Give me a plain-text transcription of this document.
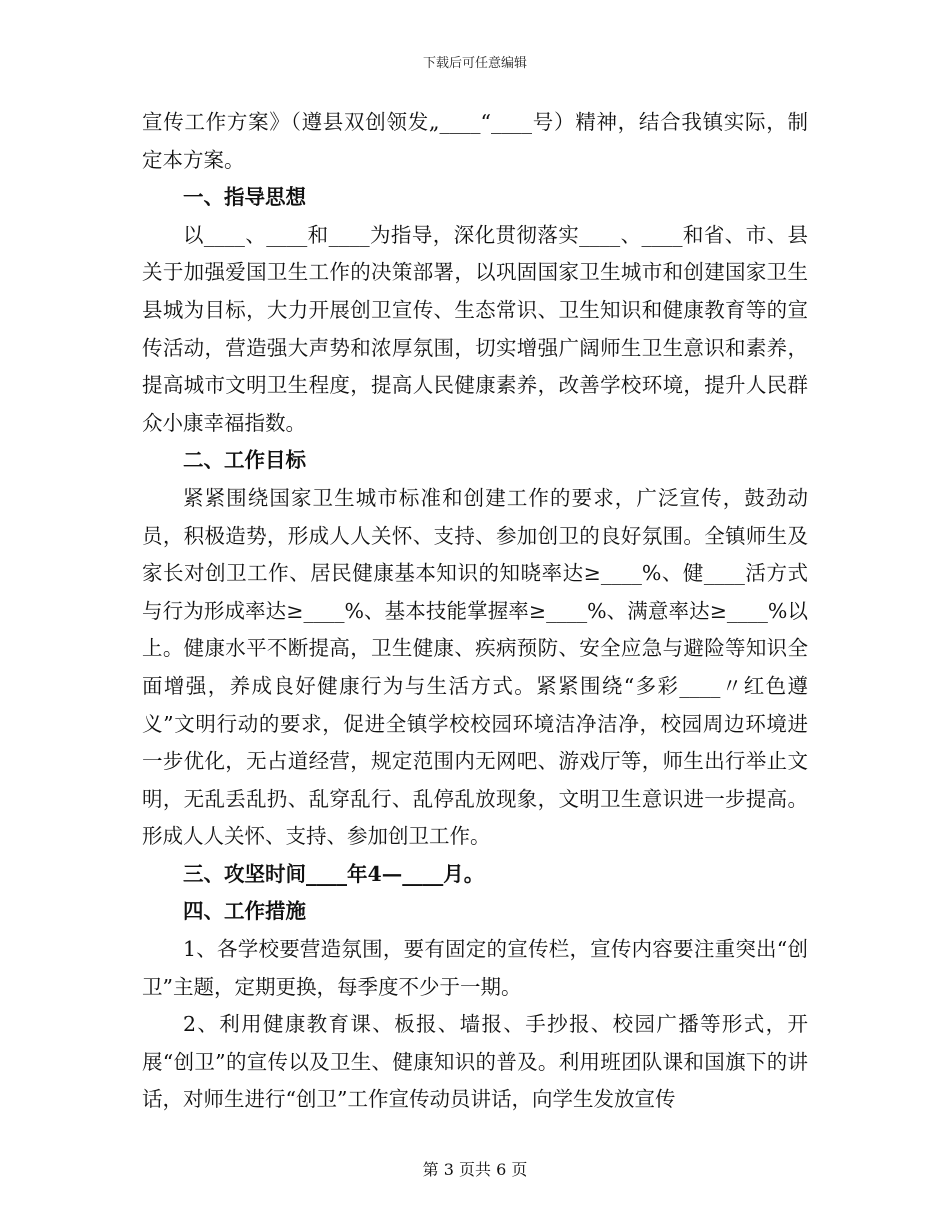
下载后可任意编辑

宣传工作方案》（遵县双创领发„____“____号）精神，结合我镇实际，制定本方案。

一、指导思想

以____、____和____为指导，深化贯彻落实____、____和省、市、县关于加强爱国卫生工作的决策部署，以巩固国家卫生城市和创建国家卫生县城为目标，大力开展创卫宣传、生态常识、卫生知识和健康教育等的宣传活动，营造强大声势和浓厚氛围，切实增强广阔师生卫生意识和素养，提高城市文明卫生程度，提高人民健康素养，改善学校环境，提升人民群众小康幸福指数。

二、工作目标

紧紧围绕国家卫生城市标准和创建工作的要求，广泛宣传，鼓劲动员，积极造势，形成人人关怀、支持、参加创卫的良好氛围。全镇师生及家长对创卫工作、居民健康基本知识的知晓率达≥____%、健____活方式与行为形成率达≥____%、基本技能掌握率≥____%、满意率达≥____%以上。健康水平不断提高，卫生健康、疾病预防、安全应急与避险等知识全面增强，养成良好健康行为与生活方式。紧紧围绕“多彩____〃红色遵义”文明行动的要求，促进全镇学校校园环境洁净洁净，校园周边环境进一步优化，无占道经营，规定范围内无网吧、游戏厅等，师生出行举止文明，无乱丢乱扔、乱穿乱行、乱停乱放现象，文明卫生意识进一步提高。形成人人关怀、支持、参加创卫工作。

三、攻坚时间____年4—____月。

四、工作措施

1、各学校要营造氛围，要有固定的宣传栏，宣传内容要注重突出“创卫”主题，定期更换，每季度不少于一期。

2、利用健康教育课、板报、墙报、手抄报、校园广播等形式，开展“创卫”的宣传以及卫生、健康知识的普及。利用班团队课和国旗下的讲话，对师生进行“创卫”工作宣传动员讲话，向学生发放宣传

第 3 页共 6 页
